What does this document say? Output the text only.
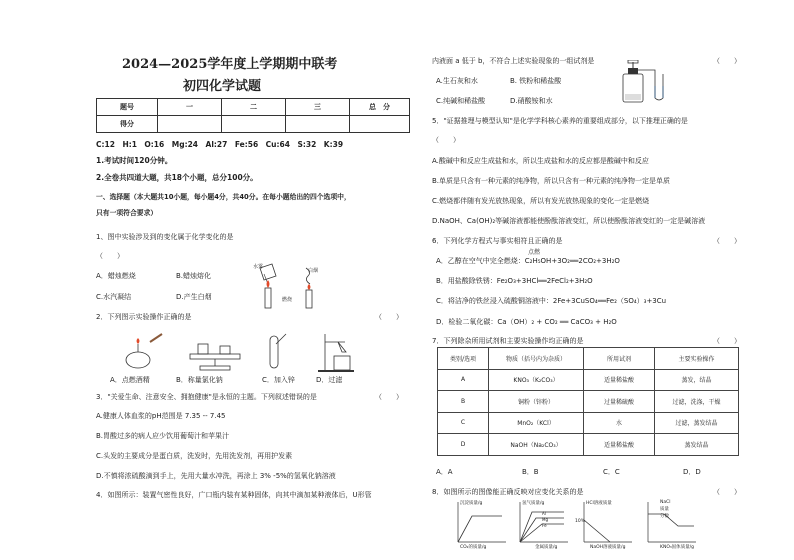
2024—2025学年度上学期期中联考
初四化学试题
题号	一	二	三	总　分
得分				
C:12　H:1　O:16　Mg:24　Al:27　Fe:56　Cu:64　S:32　K:39
1.考试时间120分钟。
2.全卷共四道大题，共18个小题，总分100分。
一、选择题（本大题共10小题，每小题4分，共40分。在每小题给出的四个选项中，
只有一项符合要求）
1、图中实验涉及到的变化属于化学变化的是
（　　）
A．蜡烛燃烧	B.蜡烛熔化
C.水汽凝结	D.产生白烟
水雾
白烟
燃烧
2．下列图示实验操作正确的是	（　　）
A．点燃酒精	B．称量氯化钠	C．加入锌	D．过滤
3．"关爱生命、注意安全、拥抱健康"是永恒的主题。下列叙述错误的是	（　　）
A.健康人体血浆的pH范围是 7.35 -- 7.45
B.胃酸过多的病人应少饮用葡萄汁和苹果汁
C.头发的主要成分是蛋白质，洗发时，先用洗发剂，再用护发素
D.不慎将浓硫酸滴到手上，先用大量水冲洗，再涂上 3% -5%的氢氧化钠溶液
4．如图所示：装置气密性良好，广口瓶内装有某种固体，向其中滴加某种液体后，U形管
内液面 a 低于 b，不符合上述实验现象的一组试剂是	（　　）
A.生石灰和水	B. 铁粉和稀盐酸
C.纯碱和稀盐酸	D.硝酸铵和水
5．"证据推理与模型认知"是化学学科核心素养的重要组成部分，以下推理正确的是
（　　）
A.酸碱中和反应生成盐和水，所以生成盐和水的反应都是酸碱中和反应
B.单质是只含有一种元素的纯净物，所以只含有一种元素的纯净物一定是单质
C.燃烧都伴随有发光放热现象，所以有发光放热现象的变化一定是燃烧
D.NaOH、Ca(OH)₂等碱溶液都能使酚酞溶液变红，所以使酚酞溶液变红的一定是碱溶液
6．下列化学方程式与事实相符且正确的是	（　　）
点燃
A．乙醇在空气中完全燃烧：C₂H₅OH+3O₂══2CO₂+3H₂O
B．用盐酸除铁锈：Fe₂O₃+3HCl══2FeCl₂+3H₂O
C．将洁净的铁丝浸入硫酸铜溶液中：2Fe+3CuSO₄══Fe₂（SO₄）₃+3Cu
D．检验二氧化碳：Ca（OH）₂ + CO₂ ══ CaCO₃ + H₂O
7．下列除杂所用试剂和主要实验操作均正确的是	（　　）
类别/选项	物质（括号内为杂质）	所用试剂	主要实验操作
A	KNO₃（K₂CO₃）	适量稀盐酸	蒸发，结晶
B	铜粉（锌粉）	过量稀硫酸	过滤，洗涤，干燥
C	MnO₂（KCl）	水	过滤，蒸发结晶
D	NaOH（Na₂CO₃）	适量稀盐酸	蒸发结晶
A．A	B．B	C．C	D．D
8．如图所示的图像能正确反映对应变化关系的是	（　　）
沉淀质量/g
CO₂的质量/g
氢气质量/g
Al
Mg
Fe
金属质量/g
HCl溶液质量
10%
NaOH溶液质量/g
NaCl
质量
分数
KNO₃固体质量/g
